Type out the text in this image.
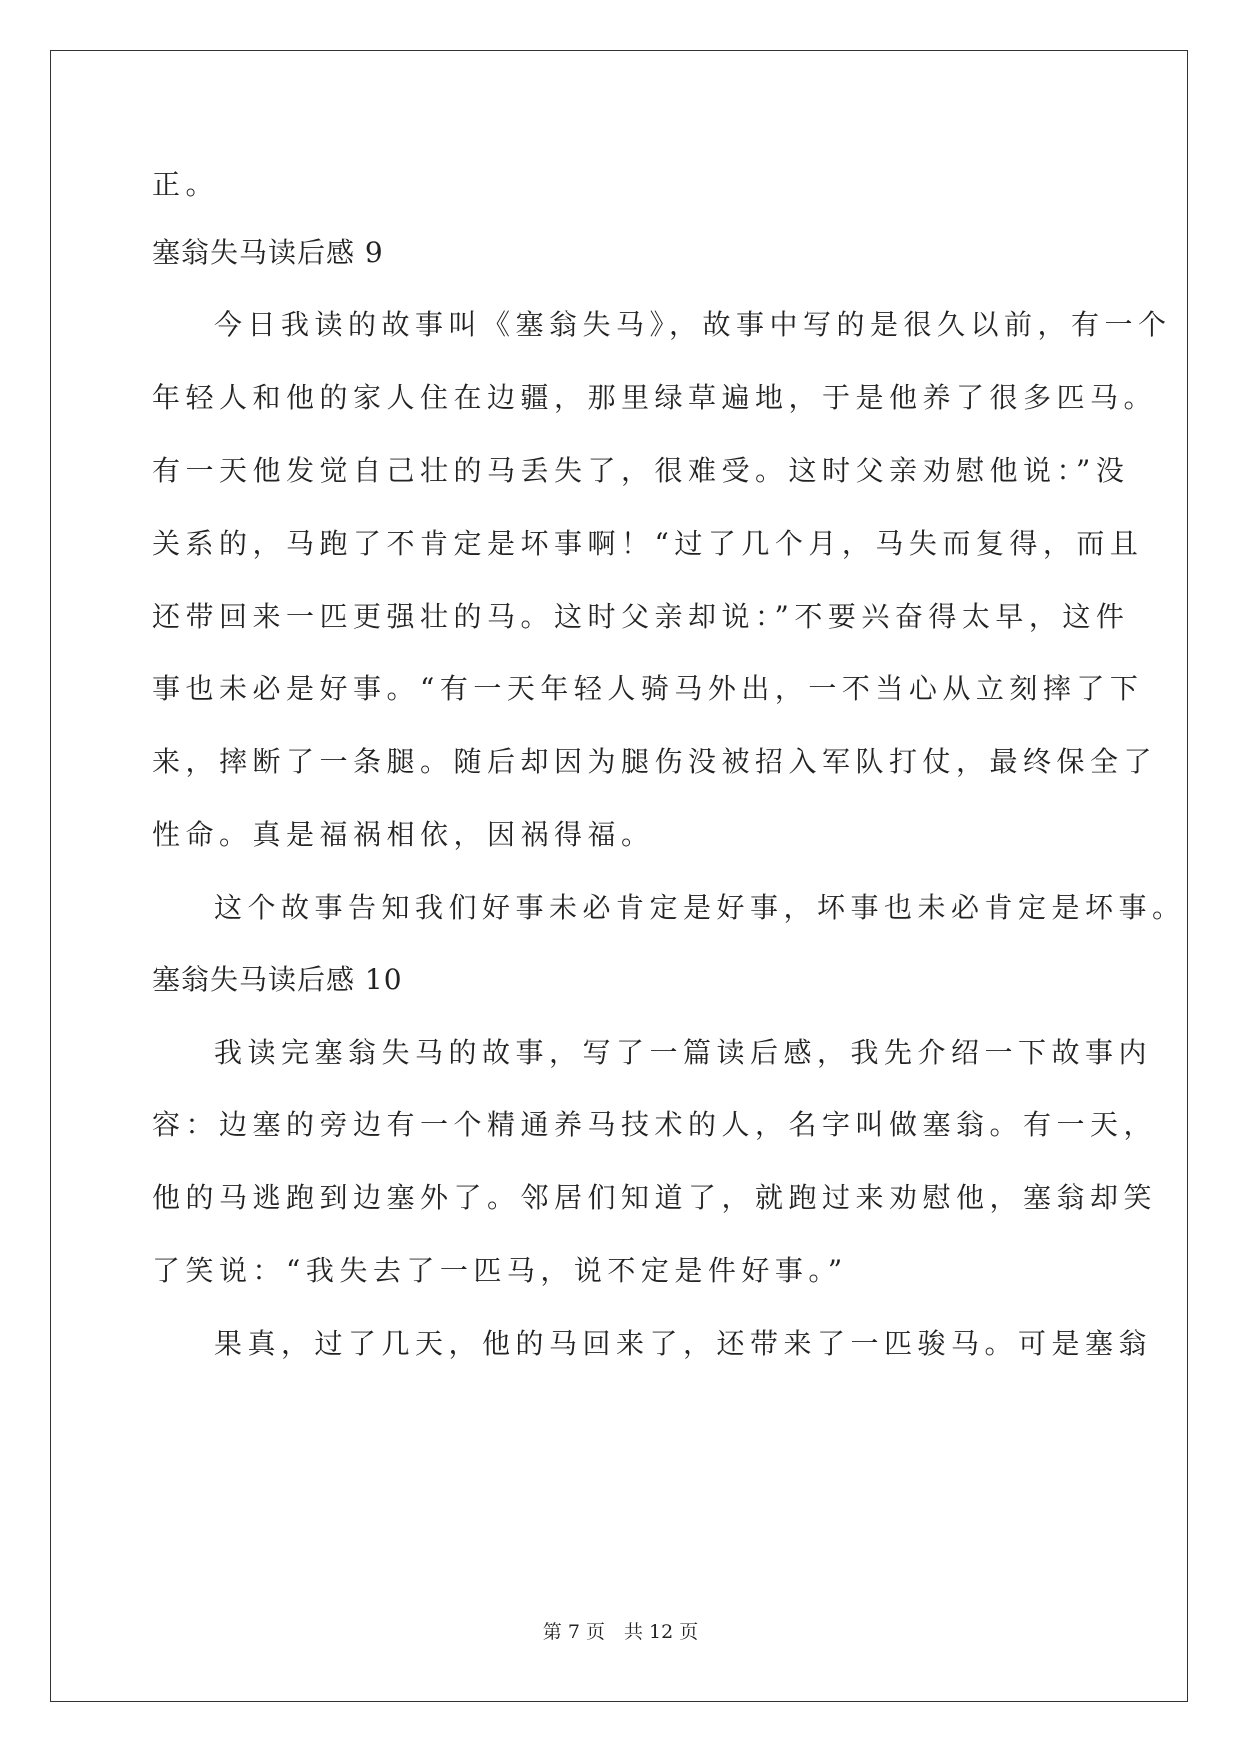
正。
塞翁失马读后感 9
今日我读的故事叫《塞翁失马》，故事中写的是很久以前，有一个
年轻人和他的家人住在边疆，那里绿草遍地，于是他养了很多匹马。
有一天他发觉自己壮的马丢失了，很难受。这时父亲劝慰他说：”没
关系的，马跑了不肯定是坏事啊！“过了几个月，马失而复得，而且
还带回来一匹更强壮的马。这时父亲却说：”不要兴奋得太早，这件
事也未必是好事。“有一天年轻人骑马外出，一不当心从立刻摔了下
来，摔断了一条腿。随后却因为腿伤没被招入军队打仗，最终保全了
性命。真是福祸相依，因祸得福。
这个故事告知我们好事未必肯定是好事，坏事也未必肯定是坏事。
塞翁失马读后感 10
我读完塞翁失马的故事，写了一篇读后感，我先介绍一下故事内
容：边塞的旁边有一个精通养马技术的人，名字叫做塞翁。有一天，
他的马逃跑到边塞外了。邻居们知道了，就跑过来劝慰他，塞翁却笑
了笑说：“我失去了一匹马，说不定是件好事。”
果真，过了几天，他的马回来了，还带来了一匹骏马。可是塞翁
第 7 页　共 12 页
